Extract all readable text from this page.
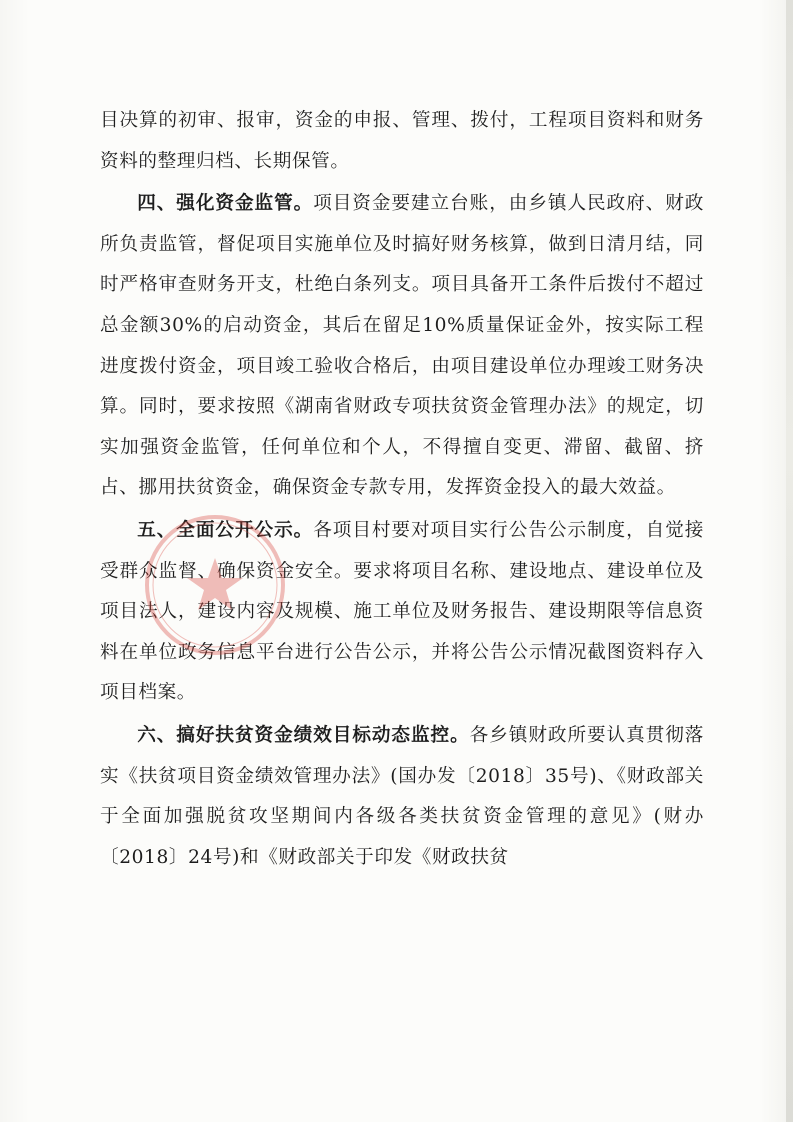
目决算的初审、报审，资金的申报、管理、拨付，工程项目资料和财务资料的整理归档、长期保管。

四、强化资金监管。项目资金要建立台账，由乡镇人民政府、财政所负责监管，督促项目实施单位及时搞好财务核算，做到日清月结，同时严格审查财务开支，杜绝白条列支。项目具备开工条件后拨付不超过总金额30%的启动资金，其后在留足10%质量保证金外，按实际工程进度拨付资金，项目竣工验收合格后，由项目建设单位办理竣工财务决算。同时，要求按照《湖南省财政专项扶贫资金管理办法》的规定，切实加强资金监管，任何单位和个人，不得擅自变更、滞留、截留、挤占、挪用扶贫资金，确保资金专款专用，发挥资金投入的最大效益。

五、全面公开公示。各项目村要对项目实行公告公示制度，自觉接受群众监督、确保资金安全。要求将项目名称、建设地点、建设单位及项目法人，建设内容及规模、施工单位及财务报告、建设期限等信息资料在单位政务信息平台进行公告公示，并将公告公示情况截图资料存入项目档案。

六、搞好扶贫资金绩效目标动态监控。各乡镇财政所要认真贯彻落实《扶贫项目资金绩效管理办法》(国办发〔2018〕35号)、《财政部关于全面加强脱贫攻坚期间内各级各类扶贫资金管理的意见》(财办〔2018〕24号)和《财政部关于印发《财政扶贫
